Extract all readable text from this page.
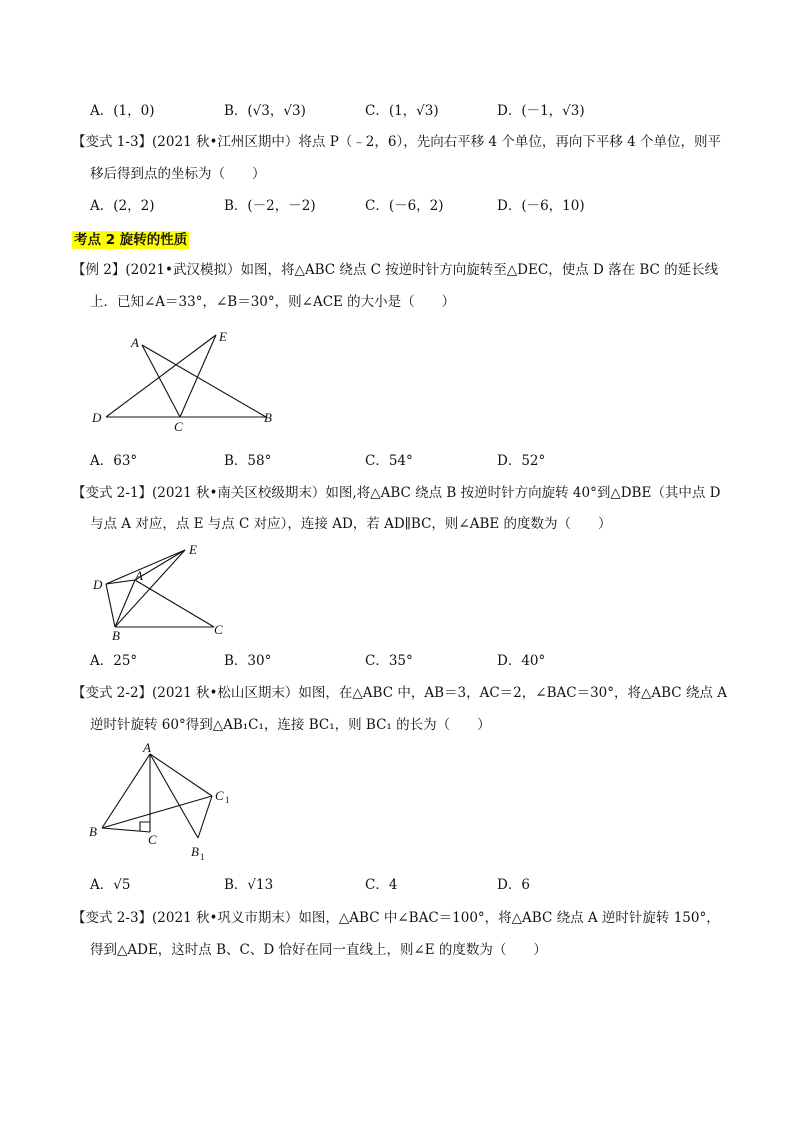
A．(1，0)	B．(√3，√3)	C．(1，√3)	D．(－1，√3)
【变式 1-3】(2021 秋•江州区期中）将点 P（﹣2，6），先向右平移 4 个单位，再向下平移 4 个单位，则平
移后得到点的坐标为（　　）
A．(2，2)	B．(－2，－2)	C．(－6，2)	D．(－6，10)
考点 2 旋转的性质
【例 2】(2021•武汉模拟）如图，将△ABC 绕点 C 按逆时针方向旋转至△DEC，使点 D 落在 BC 的延长线
上．已知∠A＝33°，∠B＝30°，则∠ACE 的大小是（　　）
A	E
D
C
B
A．63°	B．58°	C．54°	D．52°
【变式 2-1】(2021 秋•南关区校级期末）如图,将△ABC 绕点 B 按逆时针方向旋转 40°到△DBE（其中点 D
与点 A 对应，点 E 与点 C 对应），连接 AD，若 AD∥BC，则∠ABE 的度数为（　　）
E
D
A
B	C
A．25°	B．30°	C．35°	D．40°
【变式 2-2】(2021 秋•松山区期末）如图，在△ABC 中，AB＝3，AC＝2，∠BAC＝30°，将△ABC 绕点 A
逆时针旋转 60°得到△AB₁C₁，连接 BC₁，则 BC₁ 的长为（　　）
A
C 1
B
C
B 1
A．√5	B．√13	C．4	D．6
【变式 2-3】(2021 秋•巩义市期末）如图，△ABC 中∠BAC＝100°，将△ABC 绕点 A 逆时针旋转 150°，
得到△ADE，这时点 B、C、D 恰好在同一直线上，则∠E 的度数为（　　）
